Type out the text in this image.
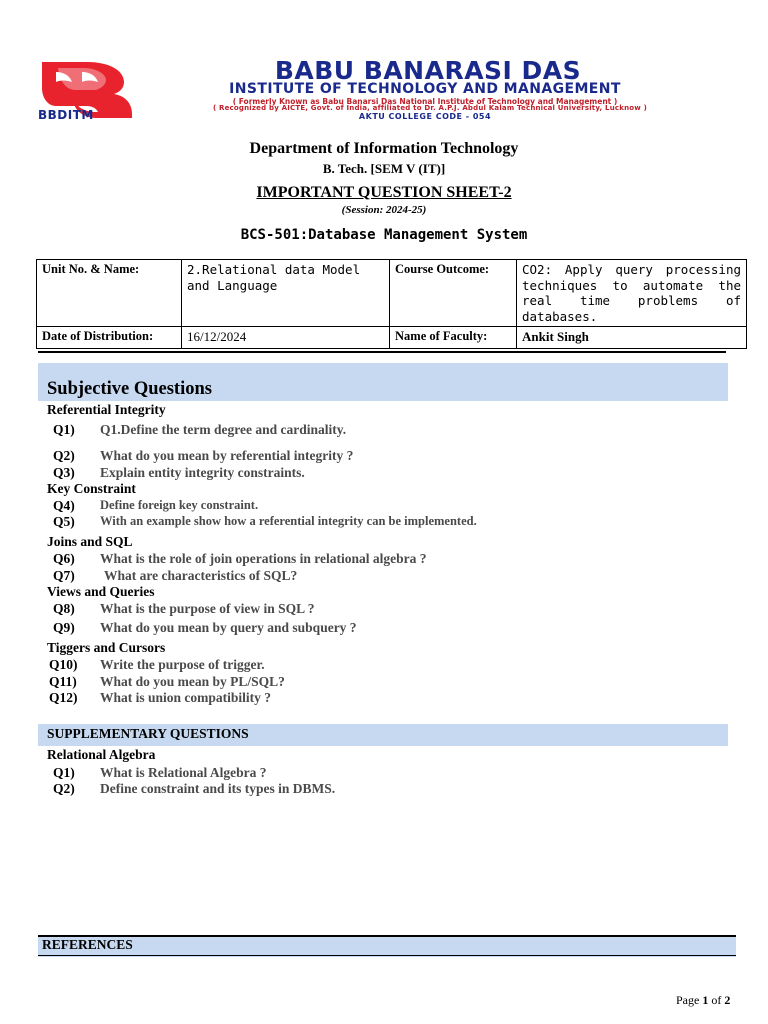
BBDITM
BABU BANARASI DAS
INSTITUTE OF TECHNOLOGY AND MANAGEMENT
( Formerly Known as Babu Banarsi Das National Institute of Technology and Management )
( Recognized by AICTE, Govt. of India, affiliated to Dr. A.P.J. Abdul Kalam Technical University, Lucknow )
AKTU COLLEGE CODE - 054
Department of Information Technology
B. Tech. [SEM V (IT)]
IMPORTANT QUESTION SHEET-2
(Session: 2024-25)
BCS-501:Database Management System
Unit No. & Name:	2.Relational data Model and Language	Course Outcome:	CO2: Apply query processing techniques to automate the real time problems of databases.
Date of Distribution:	16/12/2024	Name of Faculty:	Ankit Singh
Subjective Questions
Referential Integrity
Q1) Q1.Define the term degree and cardinality.
Q2) What do you mean by referential integrity ?
Q3) Explain entity integrity constraints.
Key Constraint
Q4) Define foreign key constraint.
Q5) With an example show how a referential integrity can be implemented.
Joins and SQL
Q6) What is the role of join operations in relational algebra ?
Q7) What are characteristics of SQL?
Views and Queries
Q8) What is the purpose of view in SQL ?
Q9) What do you mean by query and subquery ?
Tiggers and Cursors
Q10) Write the purpose of trigger.
Q11) What do you mean by PL/SQL?
Q12) What is union compatibility ?
SUPPLEMENTARY QUESTIONS
Relational Algebra
Q1) What is Relational Algebra ?
Q2) Define constraint and its types in DBMS.
REFERENCES
Page 1 of 2
